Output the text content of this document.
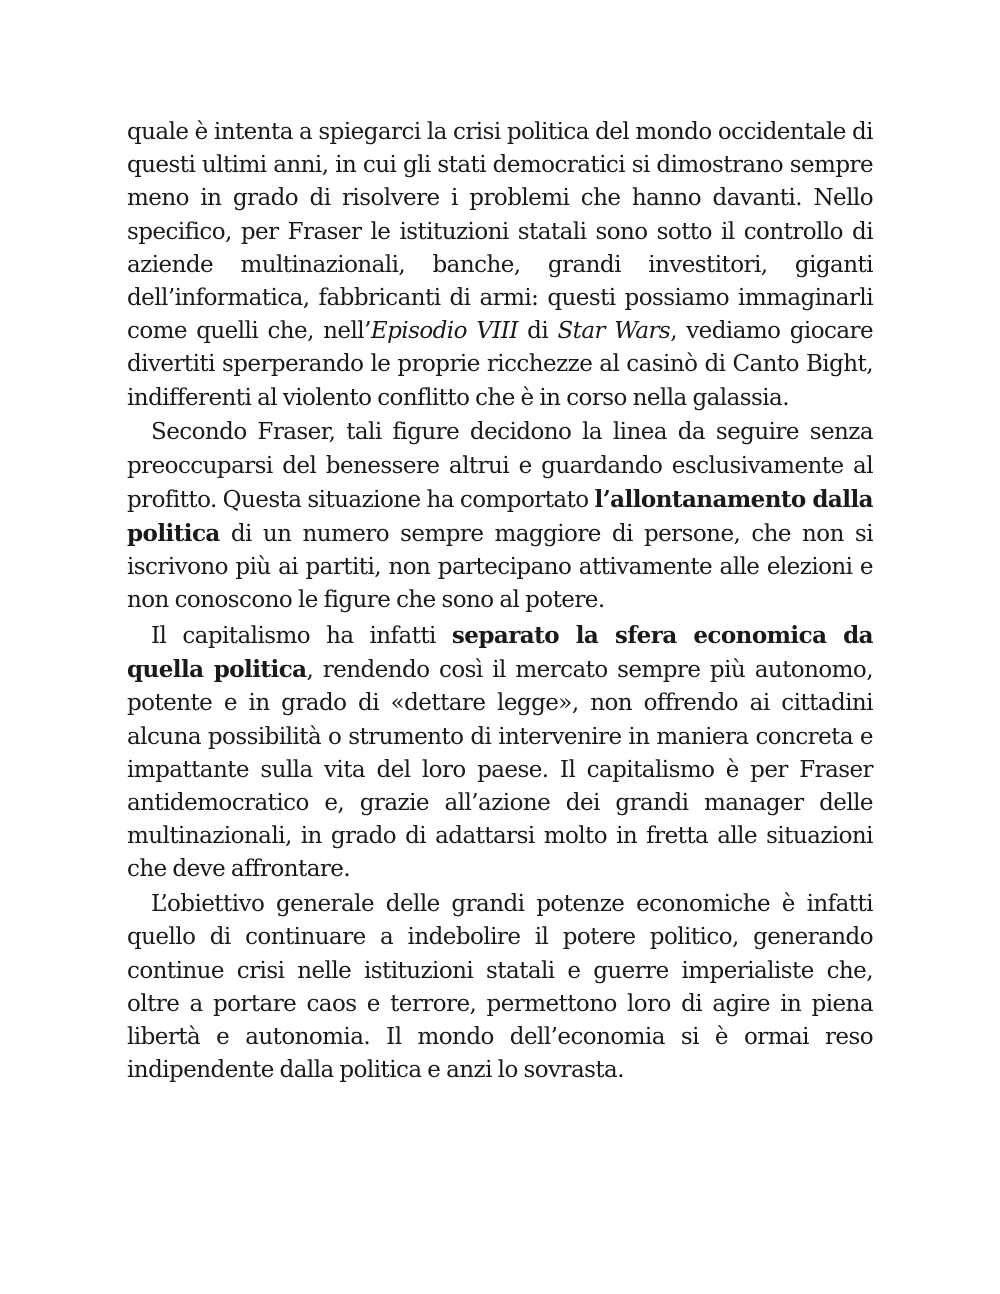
quale è intenta a spiegarci la crisi politica del mondo occidentale di questi ultimi anni, in cui gli stati democratici si dimostrano sempre meno in grado di risolvere i problemi che hanno davanti. Nello specifico, per Fraser le istituzioni statali sono sotto il controllo di aziende multinazionali, banche, grandi investitori, giganti dell’informatica, fabbricanti di armi: questi possiamo immaginarli come quelli che, nell’Episodio VIII di Star Wars, vediamo giocare divertiti sperperando le proprie ricchezze al casinò di Canto Bight, indifferenti al violento conflitto che è in corso nella galassia.

Secondo Fraser, tali figure decidono la linea da seguire senza preoccuparsi del benessere altrui e guardando esclusivamente al profitto. Questa situazione ha comportato l’allontanamento dalla politica di un numero sempre maggiore di persone, che non si iscrivono più ai partiti, non partecipano attivamente alle elezioni e non conoscono le figure che sono al potere.

Il capitalismo ha infatti separato la sfera economica da quella politica, rendendo così il mercato sempre più autonomo, potente e in grado di «dettare legge», non offrendo ai cittadini alcuna possibilità o strumento di intervenire in maniera concreta e impattante sulla vita del loro paese. Il capitalismo è per Fraser antidemocratico e, grazie all’azione dei grandi manager delle multinazionali, in grado di adattarsi molto in fretta alle situazioni che deve affrontare.

L’obiettivo generale delle grandi potenze economiche è infatti quello di continuare a indebolire il potere politico, generando continue crisi nelle istituzioni statali e guerre imperialiste che, oltre a portare caos e terrore, permettono loro di agire in piena libertà e autonomia. Il mondo dell’economia si è ormai reso indipendente dalla politica e anzi lo sovrasta.
